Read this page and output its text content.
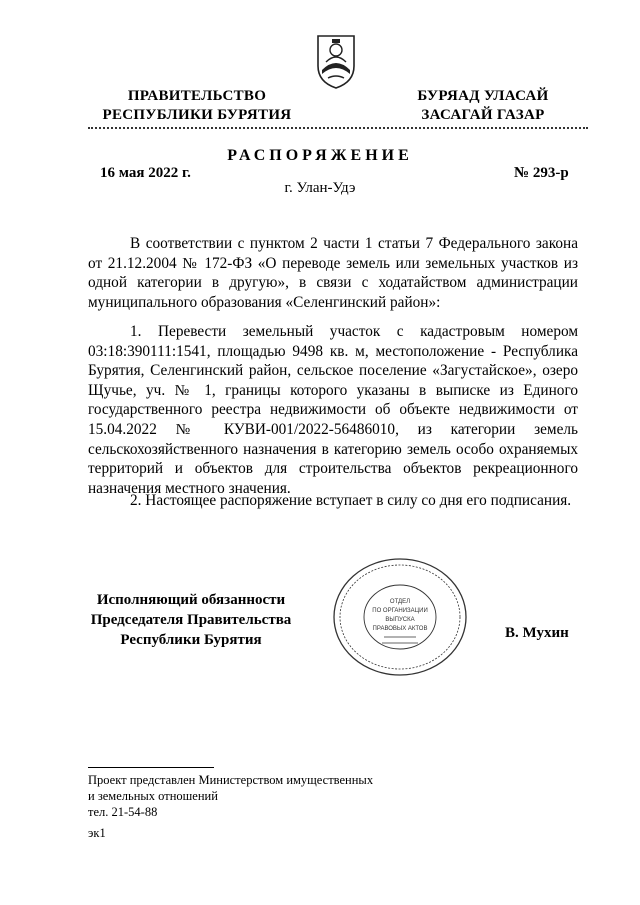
ПРАВИТЕЛЬСТВО
РЕСПУБЛИКИ БУРЯТИЯ
БУРЯАД УЛАСАЙ
ЗАСАГАЙ ГАЗАР
РАСПОРЯЖЕНИЕ
16 мая 2022 г.	№ 293-р
г. Улан-Удэ
В соответствии с пунктом 2 части 1 статьи 7 Федерального закона от 21.12.2004 № 172-ФЗ «О переводе земель или земельных участков из одной категории в другую», в связи с ходатайством администрации муниципального образования «Селенгинский район»:
1. Перевести земельный участок с кадастровым номером 03:18:390111:1541, площадью 9498 кв. м, местоположение - Республика Бурятия, Селенгинский район, сельское поселение «Загустайское», озеро Щучье, уч. № 1, границы которого указаны в выписке из Единого государственного реестра недвижимости об объекте недвижимости от 15.04.2022 № КУВИ-001/2022-56486010, из категории земель сельскохозяйственного назначения в категорию земель особо охраняемых территорий и объектов для строительства объектов рекреационного назначения местного значения.
2. Настоящее распоряжение вступает в силу со дня его подписания.
Исполняющий обязанности
Председателя Правительства
Республики Бурятия	В. Мухин
ОТДЕЛ
ПО ОРГАНИЗАЦИИ
ВЫПУСКА
ПРАВОВЫХ АКТОВ
Проект представлен Министерством имущественных
и земельных отношений
тел. 21-54-88
эк1
